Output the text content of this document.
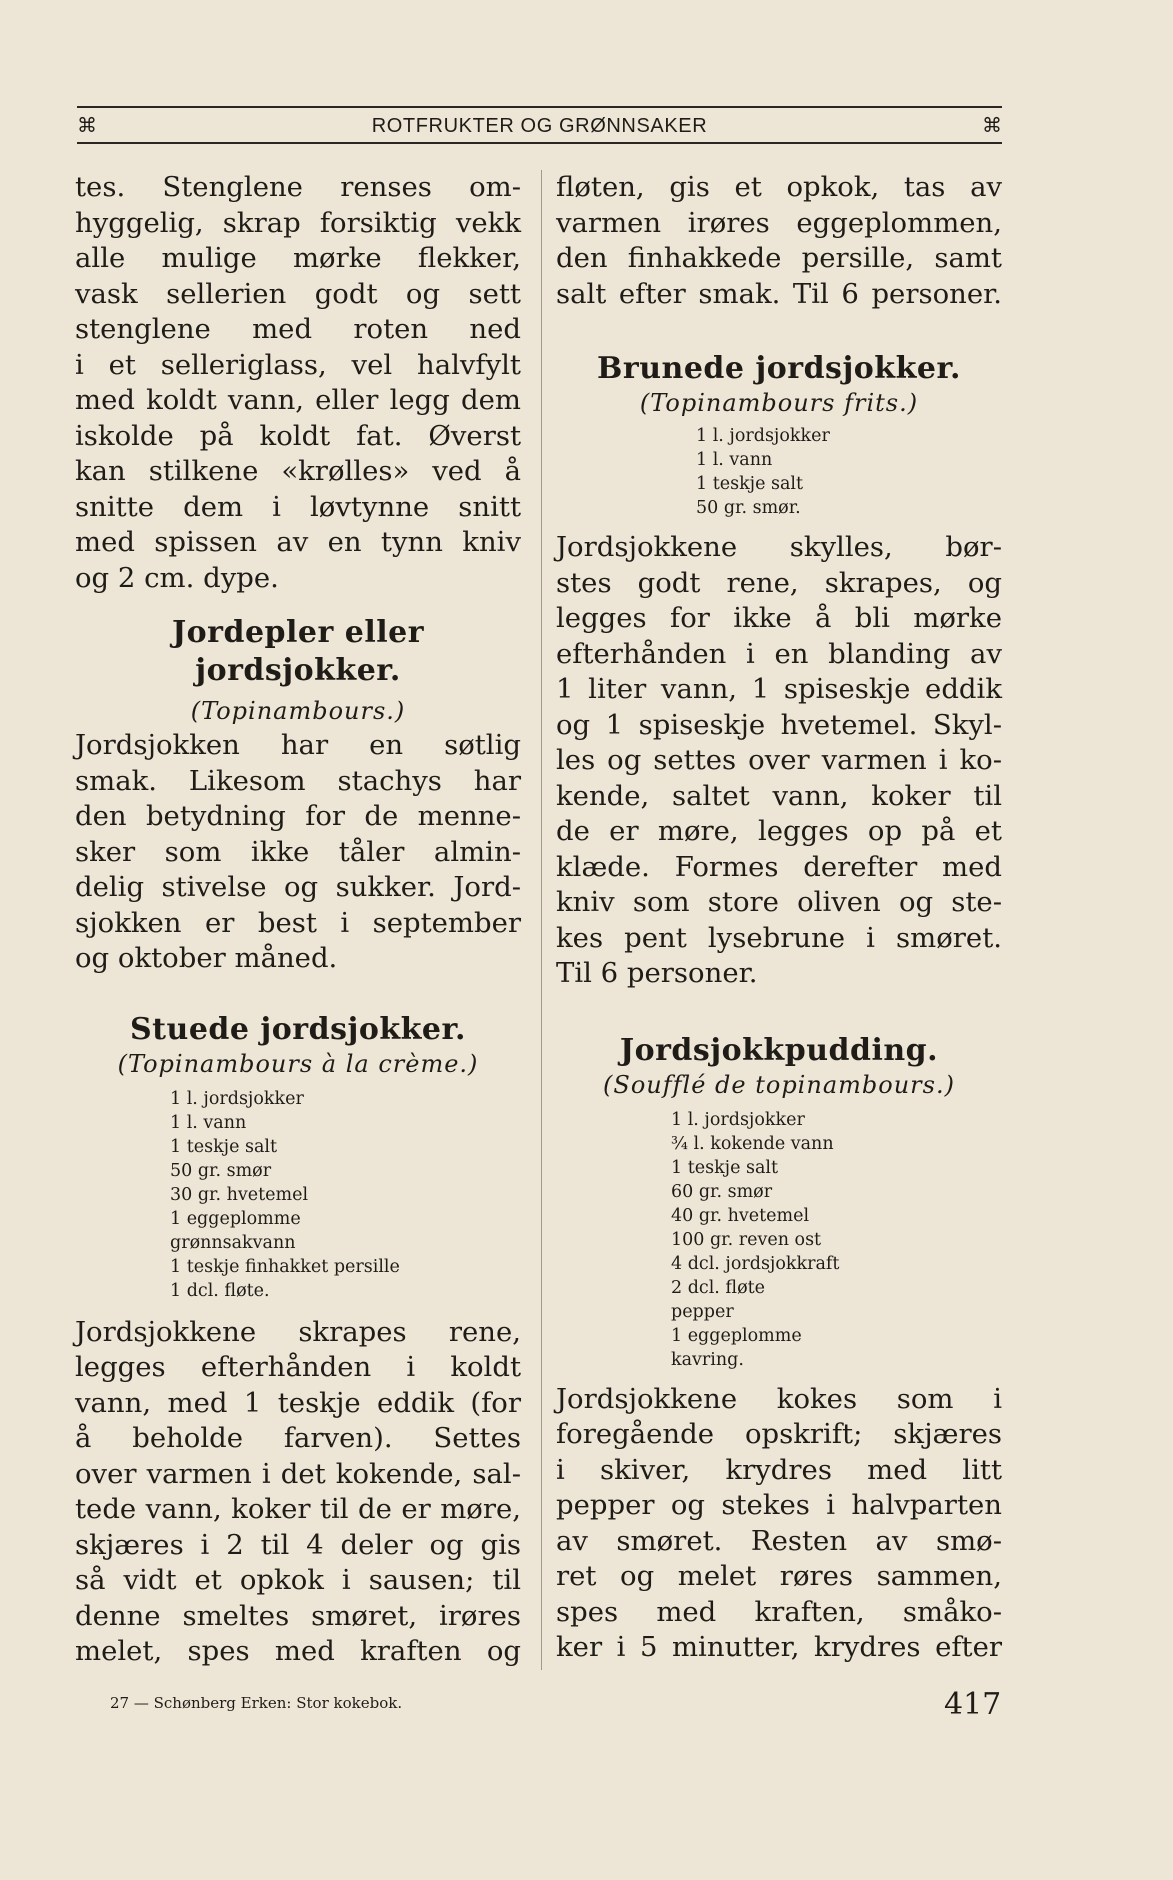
⌘	ROTFRUKTER OG GRØNNSAKER	⌘

tes. Stenglene renses om-
hyggelig, skrap forsiktig vekk
alle mulige mørke flekker,
vask sellerien godt og sett
stenglene med roten ned
i et selleriglass, vel halvfylt
med koldt vann, eller legg dem
iskolde på koldt fat. Øverst
kan stilkene «krølles» ved å
snitte dem i løvtynne snitt
med spissen av en tynn kniv
og 2 cm. dype.

Jordepler eller jordsjokker.

(Topinambours.)

Jordsjokken har en søtlig
smak. Likesom stachys har
den betydning for de menne-
sker som ikke tåler almin-
delig stivelse og sukker. Jord-
sjokken er best i september
og oktober måned.

Stuede jordsjokker.

(Topinambours à la crème.)

1 l. jordsjokker
1 l. vann
1 teskje salt
50 gr. smør
30 gr. hvetemel
1 eggeplomme
grønnsakvann
1 teskje finhakket persille
1 dcl. fløte.

Jordsjokkene skrapes rene,
legges efterhånden i koldt
vann, med 1 teskje eddik (for
å beholde farven). Settes
over varmen i det kokende, sal-
tede vann, koker til de er møre,
skjæres i 2 til 4 deler og gis
så vidt et opkok i sausen; til
denne smeltes smøret, irøres
melet, spes med kraften og

fløten, gis et opkok, tas av
varmen irøres eggeplommen,
den finhakkede persille, samt
salt efter smak. Til 6 personer.

Brunede jordsjokker.

(Topinambours frits.)

1 l. jordsjokker
1 l. vann
1 teskje salt
50 gr. smør.

Jordsjokkene skylles, bør-
stes godt rene, skrapes, og
legges for ikke å bli mørke
efterhånden i en blanding av
1 liter vann, 1 spiseskje eddik
og 1 spiseskje hvetemel. Skyl-
les og settes over varmen i ko-
kende, saltet vann, koker til
de er møre, legges op på et
klæde. Formes derefter med
kniv som store oliven og ste-
kes pent lysebrune i smøret.
Til 6 personer.

Jordsjokkpudding.

(Soufflé de topinambours.)

1 l. jordsjokker
¾ l. kokende vann
1 teskje salt
60 gr. smør
40 gr. hvetemel
100 gr. reven ost
4 dcl. jordsjokkraft
2 dcl. fløte
pepper
1 eggeplomme
kavring.

Jordsjokkene kokes som i
foregående opskrift; skjæres
i skiver, krydres med litt
pepper og stekes i halvparten
av smøret. Resten av smø-
ret og melet røres sammen,
spes med kraften, småko-
ker i 5 minutter, krydres efter

27 — Schønberg Erken: Stor kokebok.	417
